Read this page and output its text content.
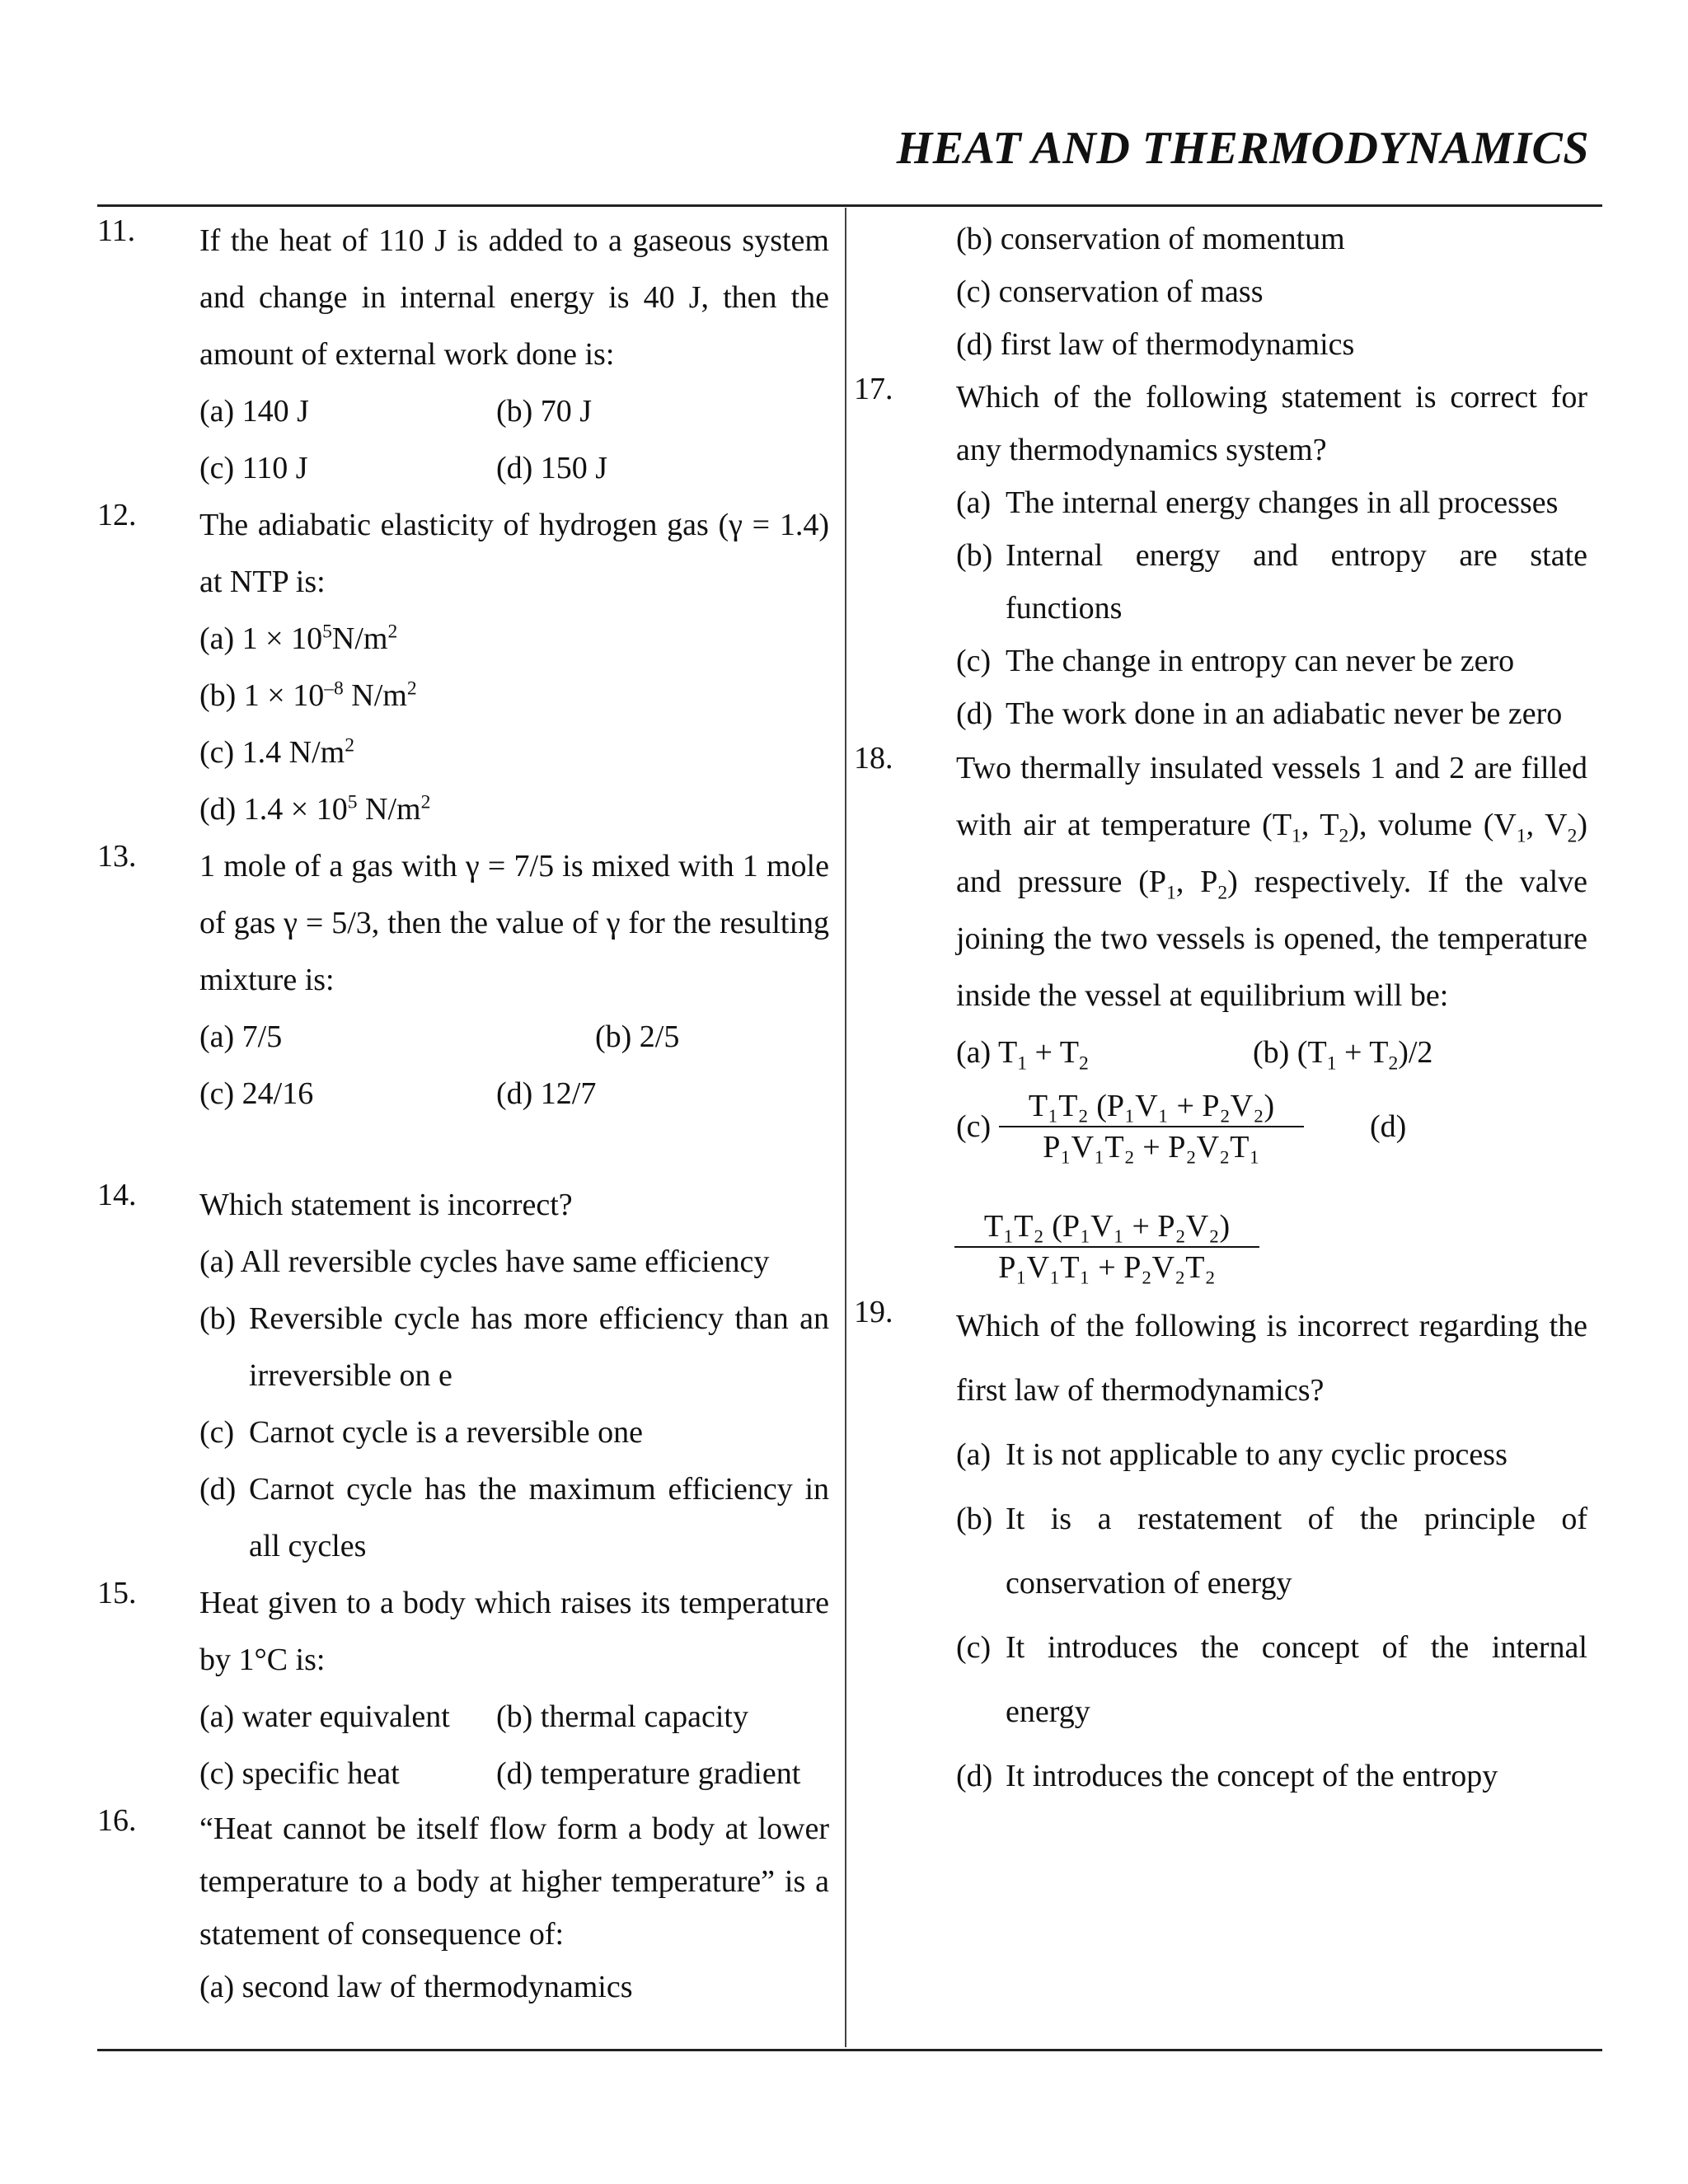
HEAT AND THERMODYNAMICS
11.	If the heat of 110 J is added to a gaseous system and change in internal energy is 40 J, then the amount of external work done is:
(a) 140 J	(b) 70 J
(c) 110 J	(d) 150 J
12.	The adiabatic elasticity of hydrogen gas (γ = 1.4) at NTP is:
(a) $1 \times 10^5N/m^2$
(b) $1 \times 10^{-8}$ $N/m^2$
(c) 1.4 $N/m^2$
(d) $1.4 \times 10^5$ $N/m^2$
13.	1 mole of a gas with γ = 7/5 is mixed with 1 mole of gas γ = 5/3, then the value of γ for the resulting mixture is:
(a) 7/5	(b) 2/5
(c) 24/16	(d) 12/7
14.	Which statement is incorrect?
(a) All reversible cycles have same efficiency
(b) Reversible cycle has more efficiency than an irreversible on e
(c) Carnot cycle is a reversible one
(d) Carnot cycle has the maximum efficiency in all cycles
15.	Heat given to a body which raises its temperature by 1°C is:
(a) water equivalent	(b) thermal capacity
(c) specific heat	(d) temperature gradient
16.	“Heat cannot be itself flow form a body at lower temperature to a body at higher temperature” is a statement of consequence of:
(a) second law of thermodynamics
(b) conservation of momentum
(c) conservation of mass
(d) first law of thermodynamics
17.	Which of the following statement is correct for any thermodynamics system?
(a) The internal energy changes in all processes
(b) Internal energy and entropy are state functions
(c) The change in entropy can never be zero
(d) The work done in an adiabatic never be zero
18.	Two thermally insulated vessels 1 and 2 are filled with air at temperature ($T_1$, $T_2$), volume ($V_1$, $V_2$) and pressure ($P_1$, $P_2$) respectively. If the valve joining the two vessels is opened, the temperature inside the vessel at equilibrium will be:
(a) $T_1 + T_2$	(b) $(T_1 + T_2)/2$
$(c) \frac{\text{T₁T₂ (P₁V₁ + P₂V₂)}}{\text{P₁V₁T₂ + P₂V₂T₁}} (d)$
$\frac{\text{T₁T₂ (P₁V₁ + P₂V₂)}}{\text{P₁V₁T₁ + P₂V₂T₂}}$
19.	Which of the following is incorrect regarding the first law of thermodynamics?
(a) It is not applicable to any cyclic process
(b) It is a restatement of the principle of conservation of energy
(c) It introduces the concept of the internal energy
(d) It introduces the concept of the entropy
